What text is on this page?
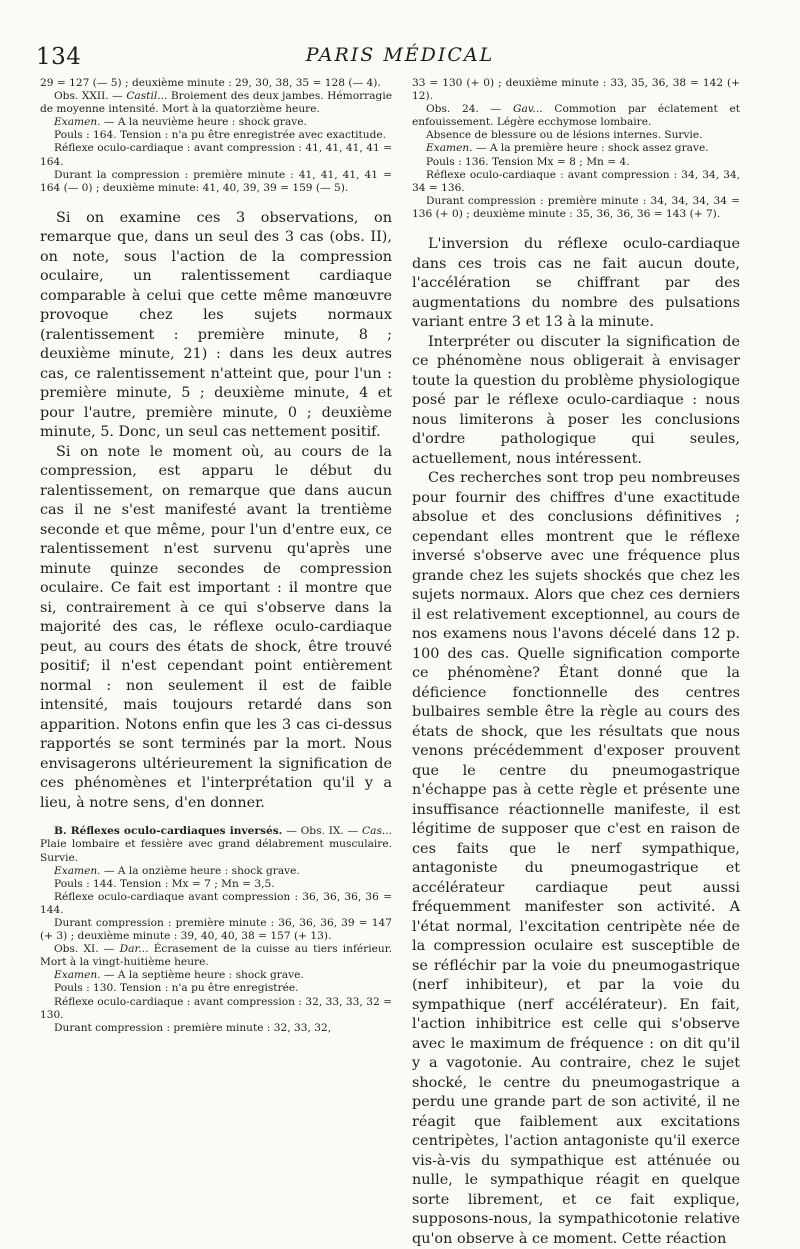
134	PARIS MÉDICAL

29 = 127 (— 5) ; deuxième minute : 29, 30, 38, 35 = 128 (— 4).

Obs. XXII. — Castil... Broiement des deux jambes. Hémorragie de moyenne intensité. Mort à la quatorzième heure.

Examen. — A la neuvième heure : shock grave.

Pouls : 164. Tension : n'a pu être enregistrée avec exactitude.

Réflexe oculo-cardiaque : avant compression : 41, 41, 41, 41 = 164.

Durant la compression : première minute : 41, 41, 41, 41 = 164 (— 0) ; deuxième minute: 41, 40, 39, 39 = 159 (— 5).

Si on examine ces 3 observations, on remarque que, dans un seul des 3 cas (obs. II), on note, sous l'action de la compression oculaire, un ralentissement cardiaque comparable à celui que cette même manœuvre provoque chez les sujets normaux (ralentissement : première minute, 8 ; deuxième minute, 21) : dans les deux autres cas, ce ralentissement n'atteint que, pour l'un : première minute, 5 ; deuxième minute, 4 et pour l'autre, première minute, 0 ; deuxième minute, 5. Donc, un seul cas nettement positif.

Si on note le moment où, au cours de la compression, est apparu le début du ralentissement, on remarque que dans aucun cas il ne s'est manifesté avant la trentième seconde et que même, pour l'un d'entre eux, ce ralentissement n'est survenu qu'après une minute quinze secondes de compression oculaire. Ce fait est important : il montre que si, contrairement à ce qui s'observe dans la majorité des cas, le réflexe oculo-cardiaque peut, au cours des états de shock, être trouvé positif; il n'est cependant point entièrement normal : non seulement il est de faible intensité, mais toujours retardé dans son apparition. Notons enfin que les 3 cas ci-dessus rapportés se sont terminés par la mort. Nous envisagerons ultérieurement la signification de ces phénomènes et l'interprétation qu'il y a lieu, à notre sens, d'en donner.

B. Réflexes oculo-cardiaques inversés. — Obs. IX. — Cas... Plaie lombaire et fessière avec grand délabrement musculaire. Survie.

Examen. — A la onzième heure : shock grave.

Pouls : 144. Tension : Mx = 7 ; Mn = 3,5.

Réflexe oculo-cardiaque avant compression : 36, 36, 36, 36 = 144.

Durant compression : première minute : 36, 36, 36, 39 = 147 (+ 3) ; deuxième minute : 39, 40, 40, 38 = 157 (+ 13).

Obs. XI. — Dar... Écrasement de la cuisse au tiers inférieur. Mort à la vingt-huitième heure.

Examen. — A la septième heure : shock grave.

Pouls : 130. Tension : n'a pu être enregistrée.

Réflexe oculo-cardiaque : avant compression : 32, 33, 33, 32 = 130.

Durant compression : première minute : 32, 33, 32,

33 = 130 (+ 0) ; deuxième minute : 33, 35, 36, 38 = 142 (+ 12).

Obs. 24. — Gav... Commotion par éclatement et enfouissement. Légère ecchymose lombaire.

Absence de blessure ou de lésions internes. Survie.

Examen. — A la première heure : shock assez grave.

Pouls : 136. Tension Mx = 8 ; Mn = 4.

Réflexe oculo-cardiaque : avant compression : 34, 34, 34, 34 = 136.

Durant compression : première minute : 34, 34, 34, 34 = 136 (+ 0) ; deuxième minute : 35, 36, 36, 36 = 143 (+ 7).

L'inversion du réflexe oculo-cardiaque dans ces trois cas ne fait aucun doute, l'accélération se chiffrant par des augmentations du nombre des pulsations variant entre 3 et 13 à la minute.

Interpréter ou discuter la signification de ce phénomène nous obligerait à envisager toute la question du problème physiologique posé par le réflexe oculo-cardiaque : nous nous limiterons à poser les conclusions d'ordre pathologique qui seules, actuellement, nous intéressent.

Ces recherches sont trop peu nombreuses pour fournir des chiffres d'une exactitude absolue et des conclusions définitives ; cependant elles montrent que le réflexe inversé s'observe avec une fréquence plus grande chez les sujets shockés que chez les sujets normaux. Alors que chez ces derniers il est relativement exceptionnel, au cours de nos examens nous l'avons décelé dans 12 p. 100 des cas. Quelle signification comporte ce phénomène? Étant donné que la déficience fonctionnelle des centres bulbaires semble être la règle au cours des états de shock, que les résultats que nous venons précédemment d'exposer prouvent que le centre du pneumogastrique n'échappe pas à cette règle et présente une insuffisance réactionnelle manifeste, il est légitime de supposer que c'est en raison de ces faits que le nerf sympathique, antagoniste du pneumogastrique et accélérateur cardiaque peut aussi fréquemment manifester son activité. A l'état normal, l'excitation centripète née de la compression oculaire est susceptible de se réfléchir par la voie du pneumogastrique (nerf inhibiteur), et par la voie du sympathique (nerf accélérateur). En fait, l'action inhibitrice est celle qui s'observe avec le maximum de fréquence : on dit qu'il y a vagotonie. Au contraire, chez le sujet shocké, le centre du pneumogastrique a perdu une grande part de son activité, il ne réagit que faiblement aux excitations centripètes, l'action antagoniste qu'il exerce vis-à-vis du sympathique est atténuée ou nulle, le sympathique réagit en quelque sorte librement, et ce fait explique, supposons-nous, la sympathicotonie relative qu'on observe à ce moment. Cette réaction
